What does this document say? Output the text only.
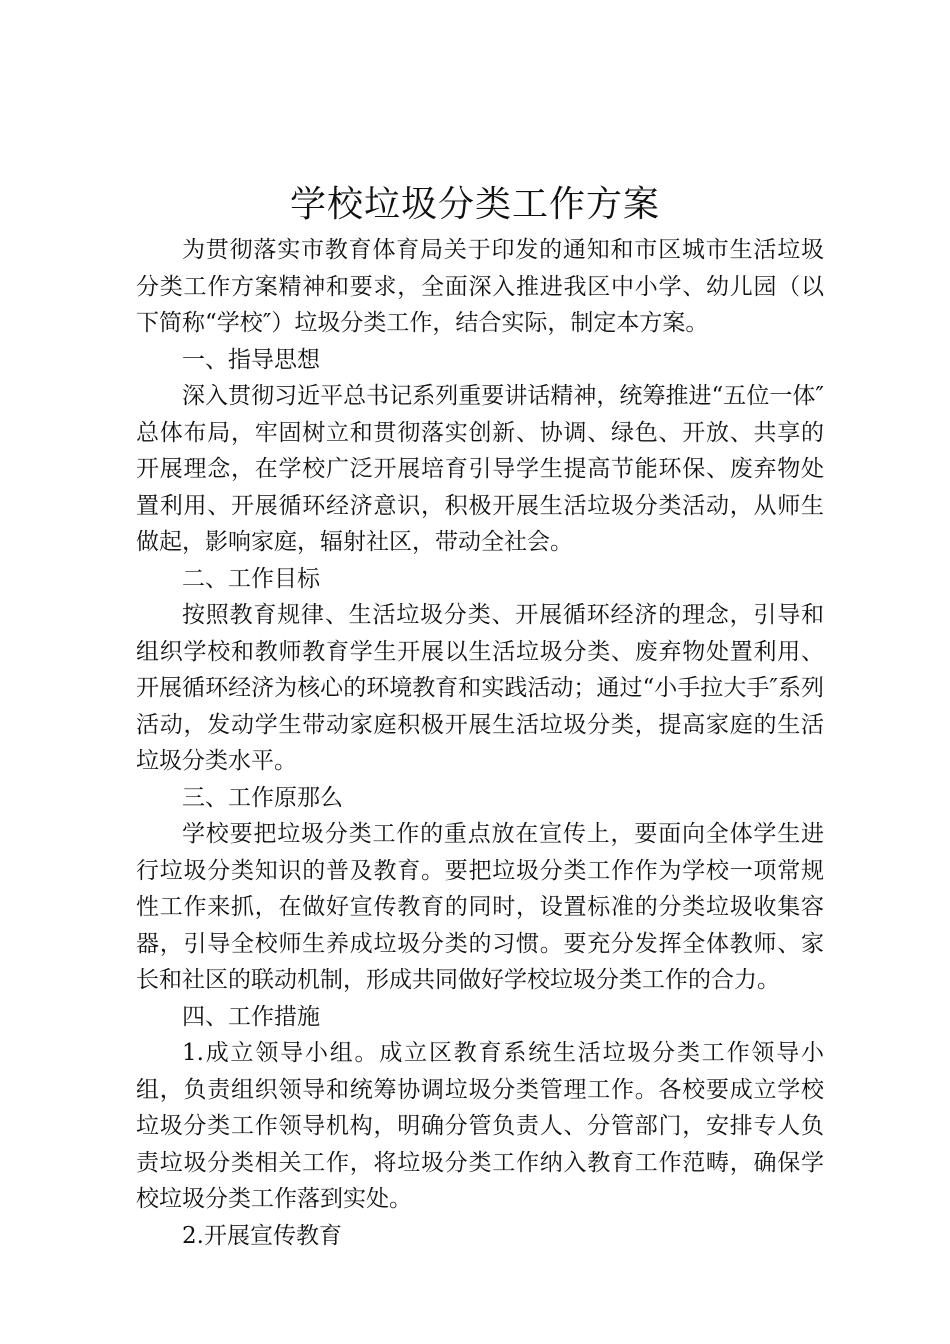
学校垃圾分类工作方案

为贯彻落实市教育体育局关于印发的通知和市区城市生活垃圾分类工作方案精神和要求，全面深入推进我区中小学、幼儿园（以下简称“学校″）垃圾分类工作，结合实际，制定本方案。

一、指导思想

深入贯彻习近平总书记系列重要讲话精神，统筹推进“五位一体″总体布局，牢固树立和贯彻落实创新、协调、绿色、开放、共享的开展理念，在学校广泛开展培育引导学生提高节能环保、废弃物处置利用、开展循环经济意识，积极开展生活垃圾分类活动，从师生做起，影响家庭，辐射社区，带动全社会。

二、工作目标

按照教育规律、生活垃圾分类、开展循环经济的理念，引导和组织学校和教师教育学生开展以生活垃圾分类、废弃物处置利用、开展循环经济为核心的环境教育和实践活动；通过“小手拉大手″系列活动，发动学生带动家庭积极开展生活垃圾分类，提高家庭的生活垃圾分类水平。

三、工作原那么

学校要把垃圾分类工作的重点放在宣传上，要面向全体学生进行垃圾分类知识的普及教育。要把垃圾分类工作作为学校一项常规性工作来抓，在做好宣传教育的同时，设置标准的分类垃圾收集容器，引导全校师生养成垃圾分类的习惯。要充分发挥全体教师、家长和社区的联动机制，形成共同做好学校垃圾分类工作的合力。

四、工作措施

1.成立领导小组。成立区教育系统生活垃圾分类工作领导小组，负责组织领导和统筹协调垃圾分类管理工作。各校要成立学校垃圾分类工作领导机构，明确分管负责人、分管部门，安排专人负责垃圾分类相关工作，将垃圾分类工作纳入教育工作范畴，确保学校垃圾分类工作落到实处。

2.开展宣传教育
